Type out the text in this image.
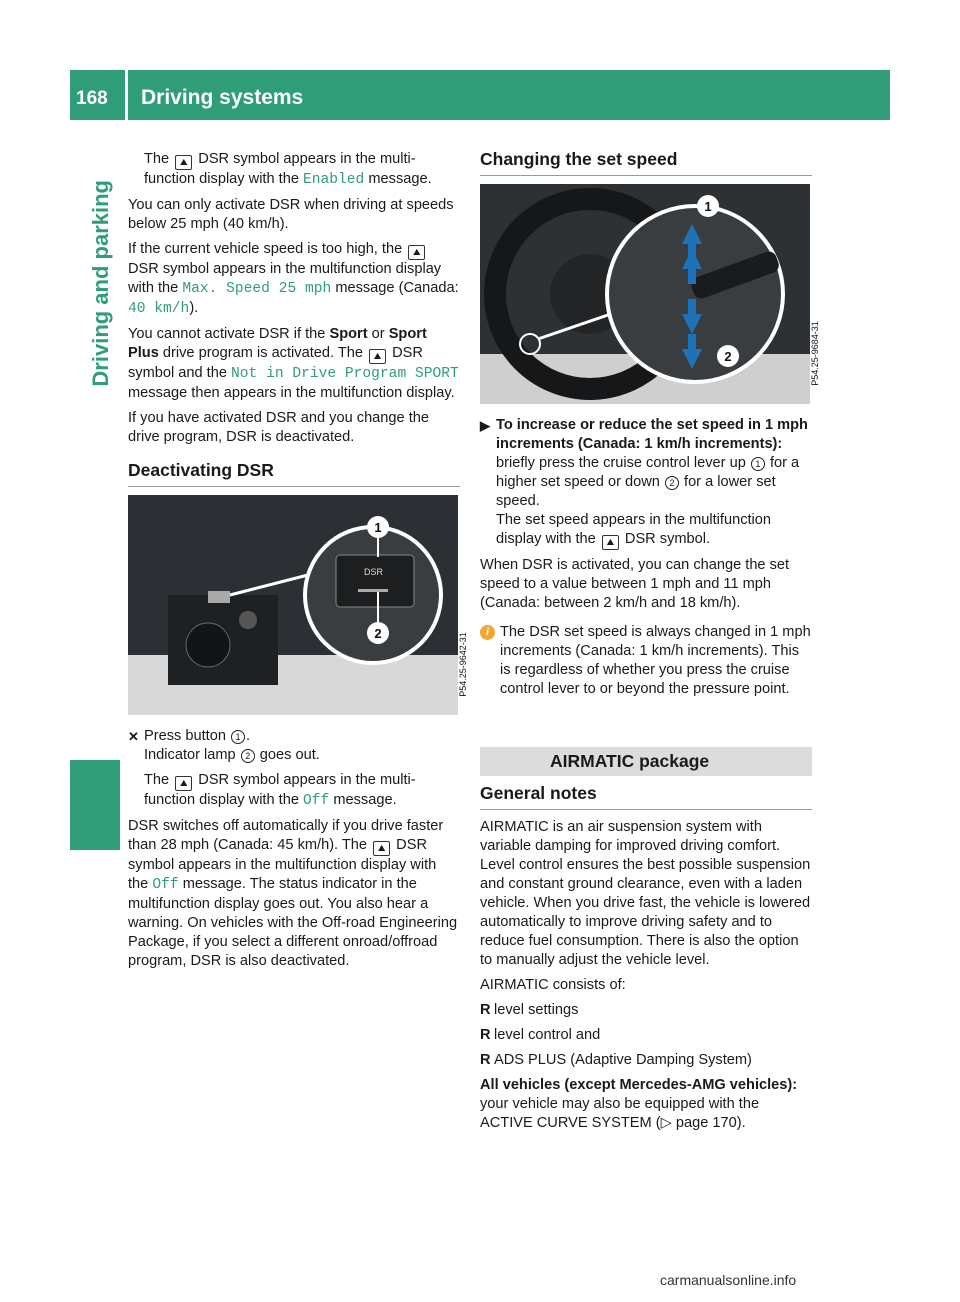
168 Driving systems
Driving and parking

The ⛰ DSR symbol appears in the multi-function display with the Enabled message.

You can only activate DSR when driving at speeds below 25 mph (40 km/h).

If the current vehicle speed is too high, the ⛰ DSR symbol appears in the multifunction display with the Max. Speed 25 mph message (Canada: 40 km/h).

You cannot activate DSR if the Sport or Sport Plus drive program is activated. The ⛰ DSR symbol and the Not in Drive Program SPORT message then appears in the multifunction display.

If you have activated DSR and you change the drive program, DSR is deactivated.

Deactivating DSR
1
2
DSR
P54.25-9642-31
✕ Press button 1 .
Indicator lamp 2 goes out.

The ⛰ DSR symbol appears in the multi-function display with the Off message.

DSR switches off automatically if you drive faster than 28 mph (Canada: 45 km/h). The ⛰ DSR symbol appears in the multifunction display with the Off message. The status indicator in the multifunction display goes out. You also hear a warning. On vehicles with the Off-road Engineering Package, if you select a different onroad/offroad program, DSR is also deactivated.

Changing the set speed
1
2	P54.25-9684-31
▶ To increase or reduce the set speed in 1 mph increments (Canada: 1 km/h increments): briefly press the cruise control lever up 1 for a higher set speed or down 2 for a lower set speed.
The set speed appears in the multifunction display with the ⛰ DSR symbol.

When DSR is activated, you can change the set speed to a value between 1 mph and 11 mph (Canada: between 2 km/h and 18 km/h).

i The DSR set speed is always changed in 1 mph increments (Canada: 1 km/h increments). This is regardless of whether you press the cruise control lever to or beyond the pressure point.
AIRMATIC package
General notes

AIRMATIC is an air suspension system with variable damping for improved driving comfort. Level control ensures the best possible suspension and constant ground clearance, even with a laden vehicle. When you drive fast, the vehicle is lowered automatically to improve driving safety and to reduce fuel consumption. There is also the option to manually adjust the vehicle level.

AIRMATIC consists of:

R level settings
R level control and
R ADS PLUS (Adaptive Damping System)

All vehicles (except Mercedes-AMG vehicles): your vehicle may also be equipped with the ACTIVE CURVE SYSTEM (▷ page 170).

carmanualsonline.info
